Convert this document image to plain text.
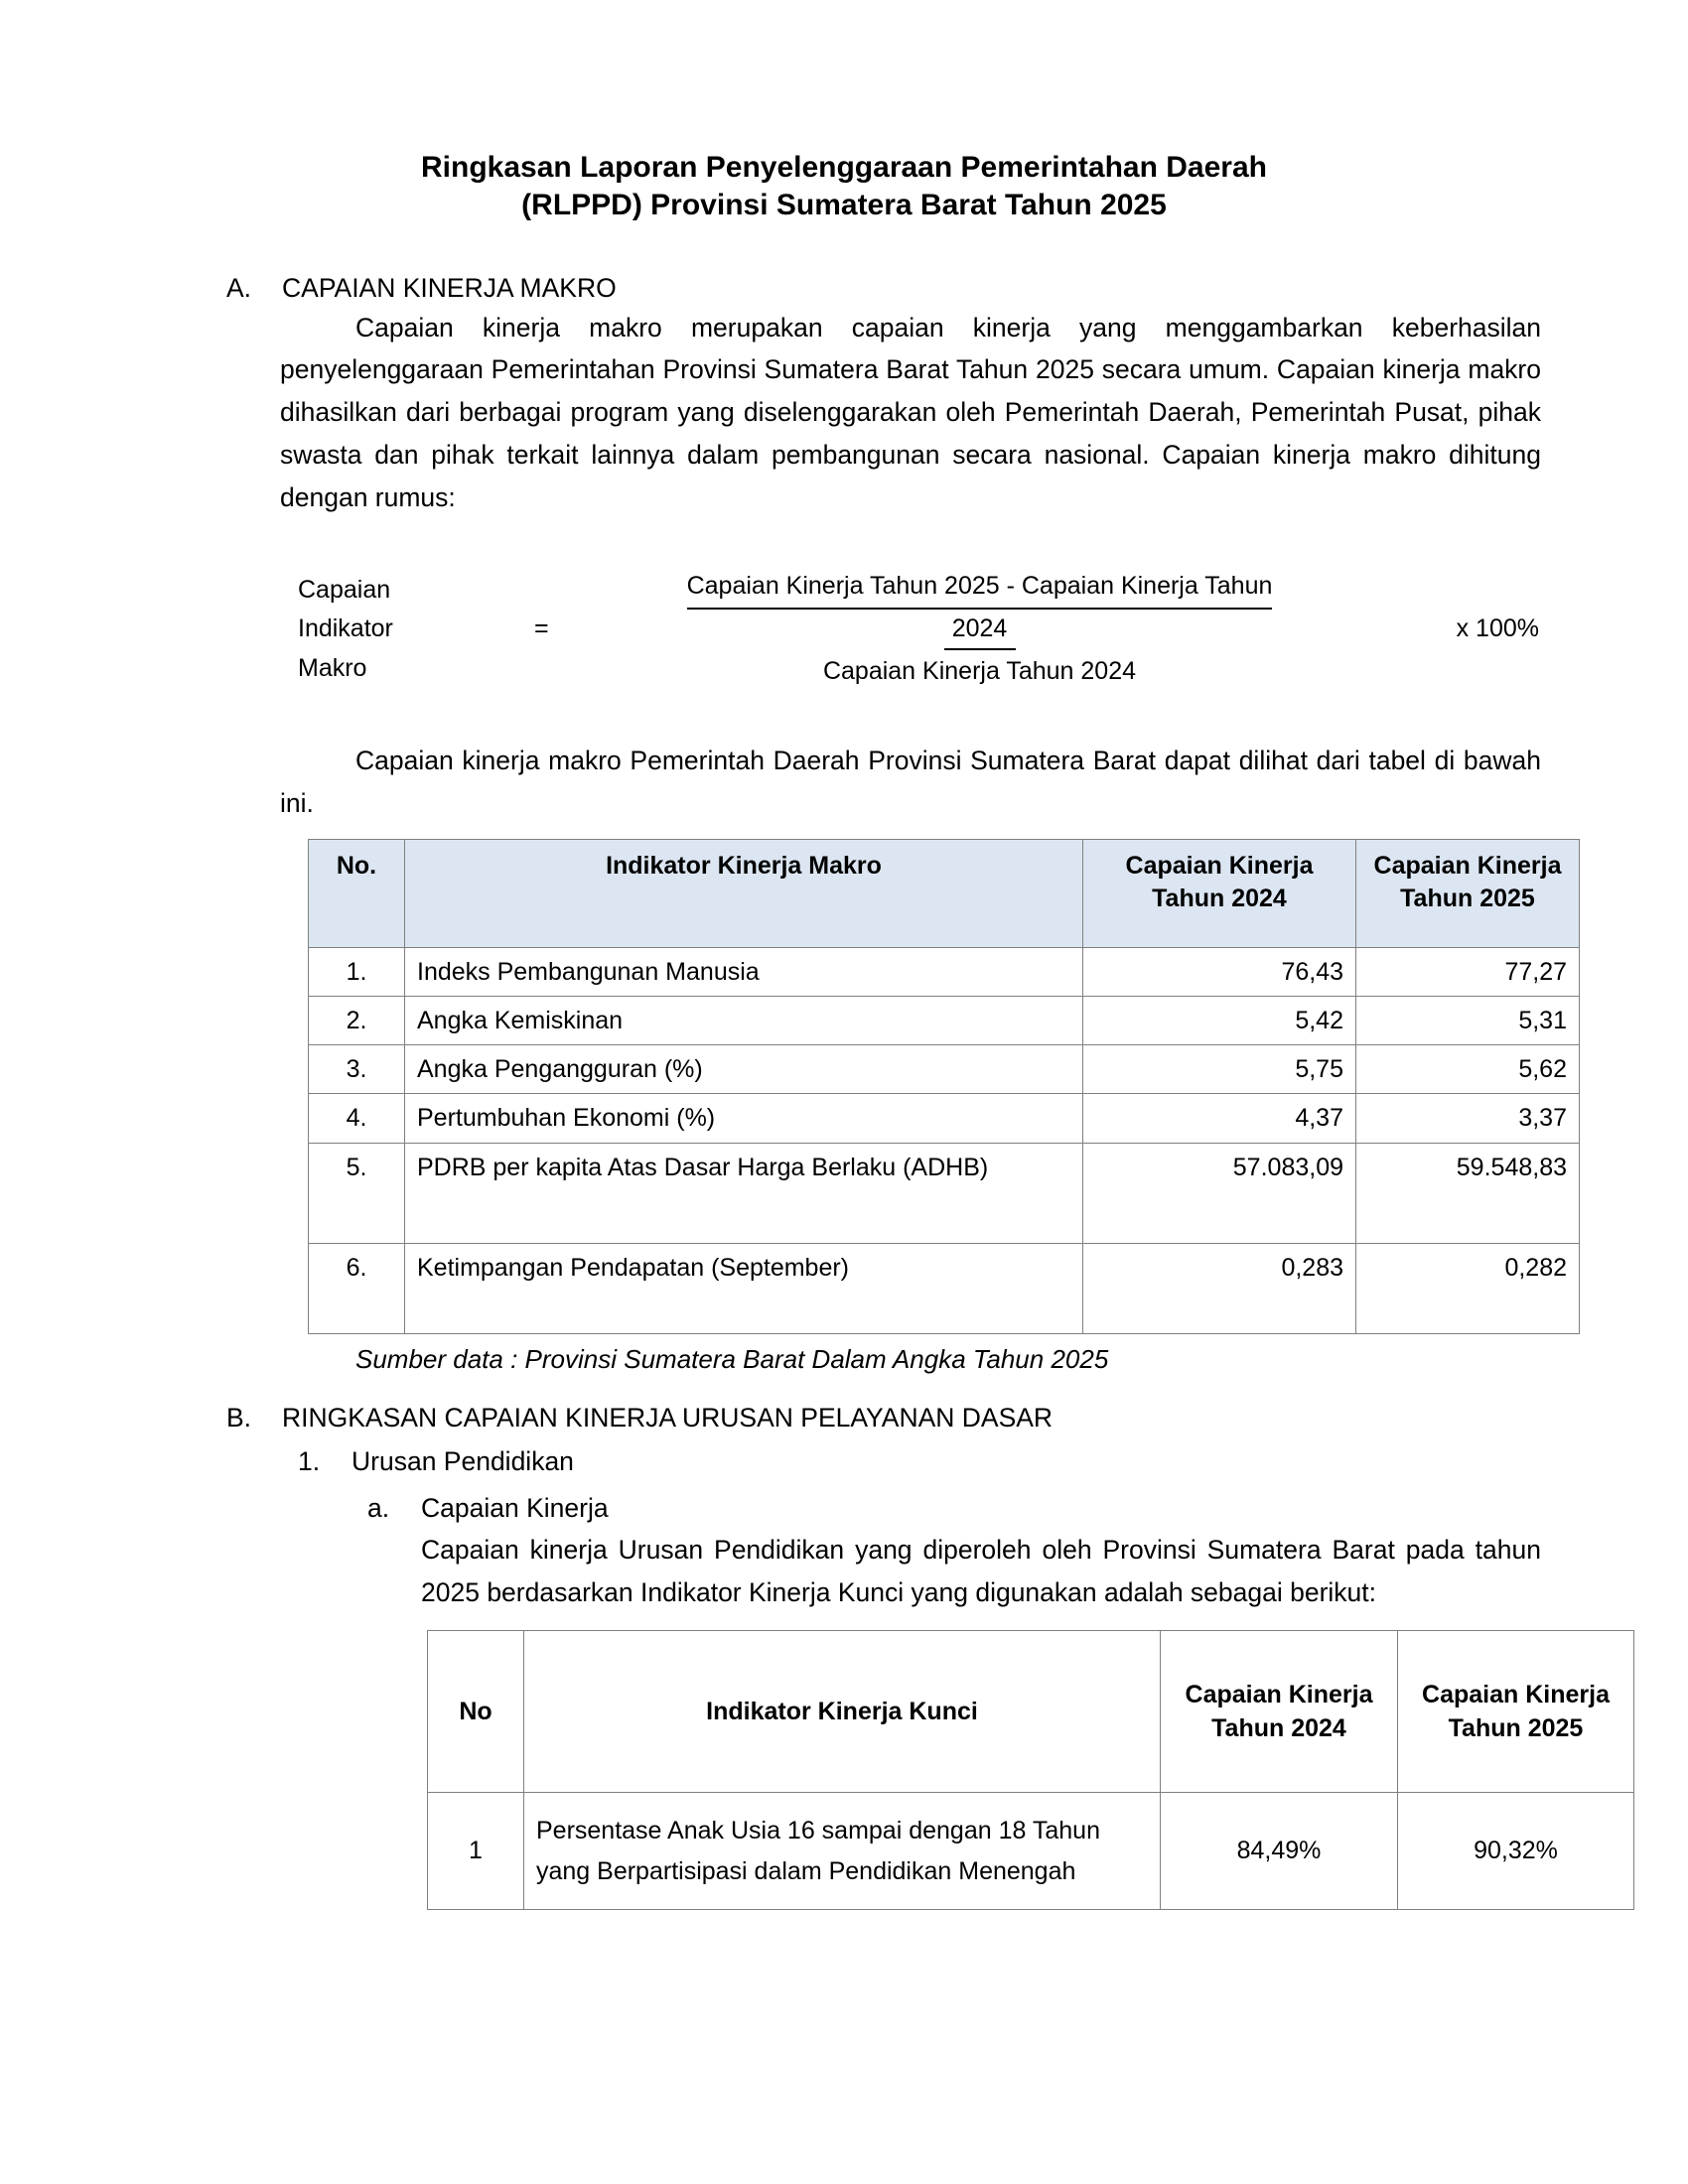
Ringkasan Laporan Penyelenggaraan Pemerintahan Daerah
(RLPPD) Provinsi Sumatera Barat Tahun 2025
A.	CAPAIAN KINERJA MAKRO

Capaian kinerja makro merupakan capaian kinerja yang menggambarkan keberhasilan penyelenggaraan Pemerintahan Provinsi Sumatera Barat Tahun 2025 secara umum. Capaian kinerja makro dihasilkan dari berbagai program yang diselenggarakan oleh Pemerintah Daerah, Pemerintah Pusat, pihak swasta dan pihak terkait lainnya dalam pembangunan secara nasional. Capaian kinerja makro dihitung dengan rumus:

Capaian
Indikator
Makro
=
Capaian Kinerja Tahun 2025 - Capaian Kinerja Tahun
2024
Capaian Kinerja Tahun 2024
x 100%

Capaian kinerja makro Pemerintah Daerah Provinsi Sumatera Barat dapat dilihat dari tabel di bawah ini.

No.	Indikator Kinerja Makro	Capaian Kinerja Tahun 2024	Capaian Kinerja Tahun 2025
1.	Indeks Pembangunan Manusia	76,43	77,27
2.	Angka Kemiskinan	5,42	5,31
3.	Angka Pengangguran (%)	5,75	5,62
4.	Pertumbuhan Ekonomi (%)	4,37	3,37
5.	PDRB per kapita Atas Dasar Harga Berlaku (ADHB)	57.083,09	59.548,83
6.	Ketimpangan Pendapatan (September)	0,283	0,282
Sumber data : Provinsi Sumatera Barat Dalam Angka Tahun 2025
B.	RINGKASAN CAPAIAN KINERJA URUSAN PELAYANAN DASAR
1.	Urusan Pendidikan
a.	Capaian Kinerja

Capaian kinerja Urusan Pendidikan yang diperoleh oleh Provinsi Sumatera Barat pada tahun 2025 berdasarkan Indikator Kinerja Kunci yang digunakan adalah sebagai berikut:

No	Indikator Kinerja Kunci	Capaian Kinerja Tahun 2024	Capaian Kinerja Tahun 2025
1	Persentase Anak Usia 16 sampai dengan 18 Tahun yang Berpartisipasi dalam Pendidikan Menengah	84,49%	90,32%
